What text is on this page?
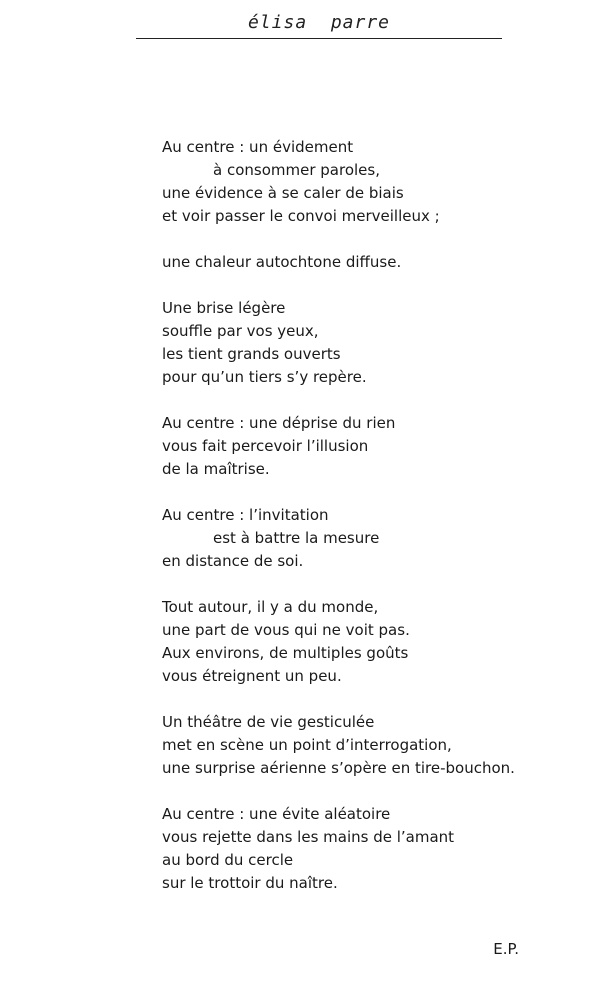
élisa  parre
Au centre : un évidement
à consommer paroles,
une évidence à se caler de biais
et voir passer le convoi merveilleux ;
une chaleur autochtone diffuse.
Une brise légère
souffle par vos yeux,
les tient grands ouverts
pour qu’un tiers s’y repère.
Au centre : une déprise du rien
vous fait percevoir l’illusion
de la maîtrise.
Au centre : l’invitation
est à battre la mesure
en distance de soi.
Tout autour, il y a du monde,
une part de vous qui ne voit pas.
Aux environs, de multiples goûts
vous étreignent un peu.
Un théâtre de vie gesticulée
met en scène un point d’interrogation,
une surprise aérienne s’opère en tire-bouchon.
Au centre : une évite aléatoire
vous rejette dans les mains de l’amant
au bord du cercle
sur le trottoir du naître.
E.P.
